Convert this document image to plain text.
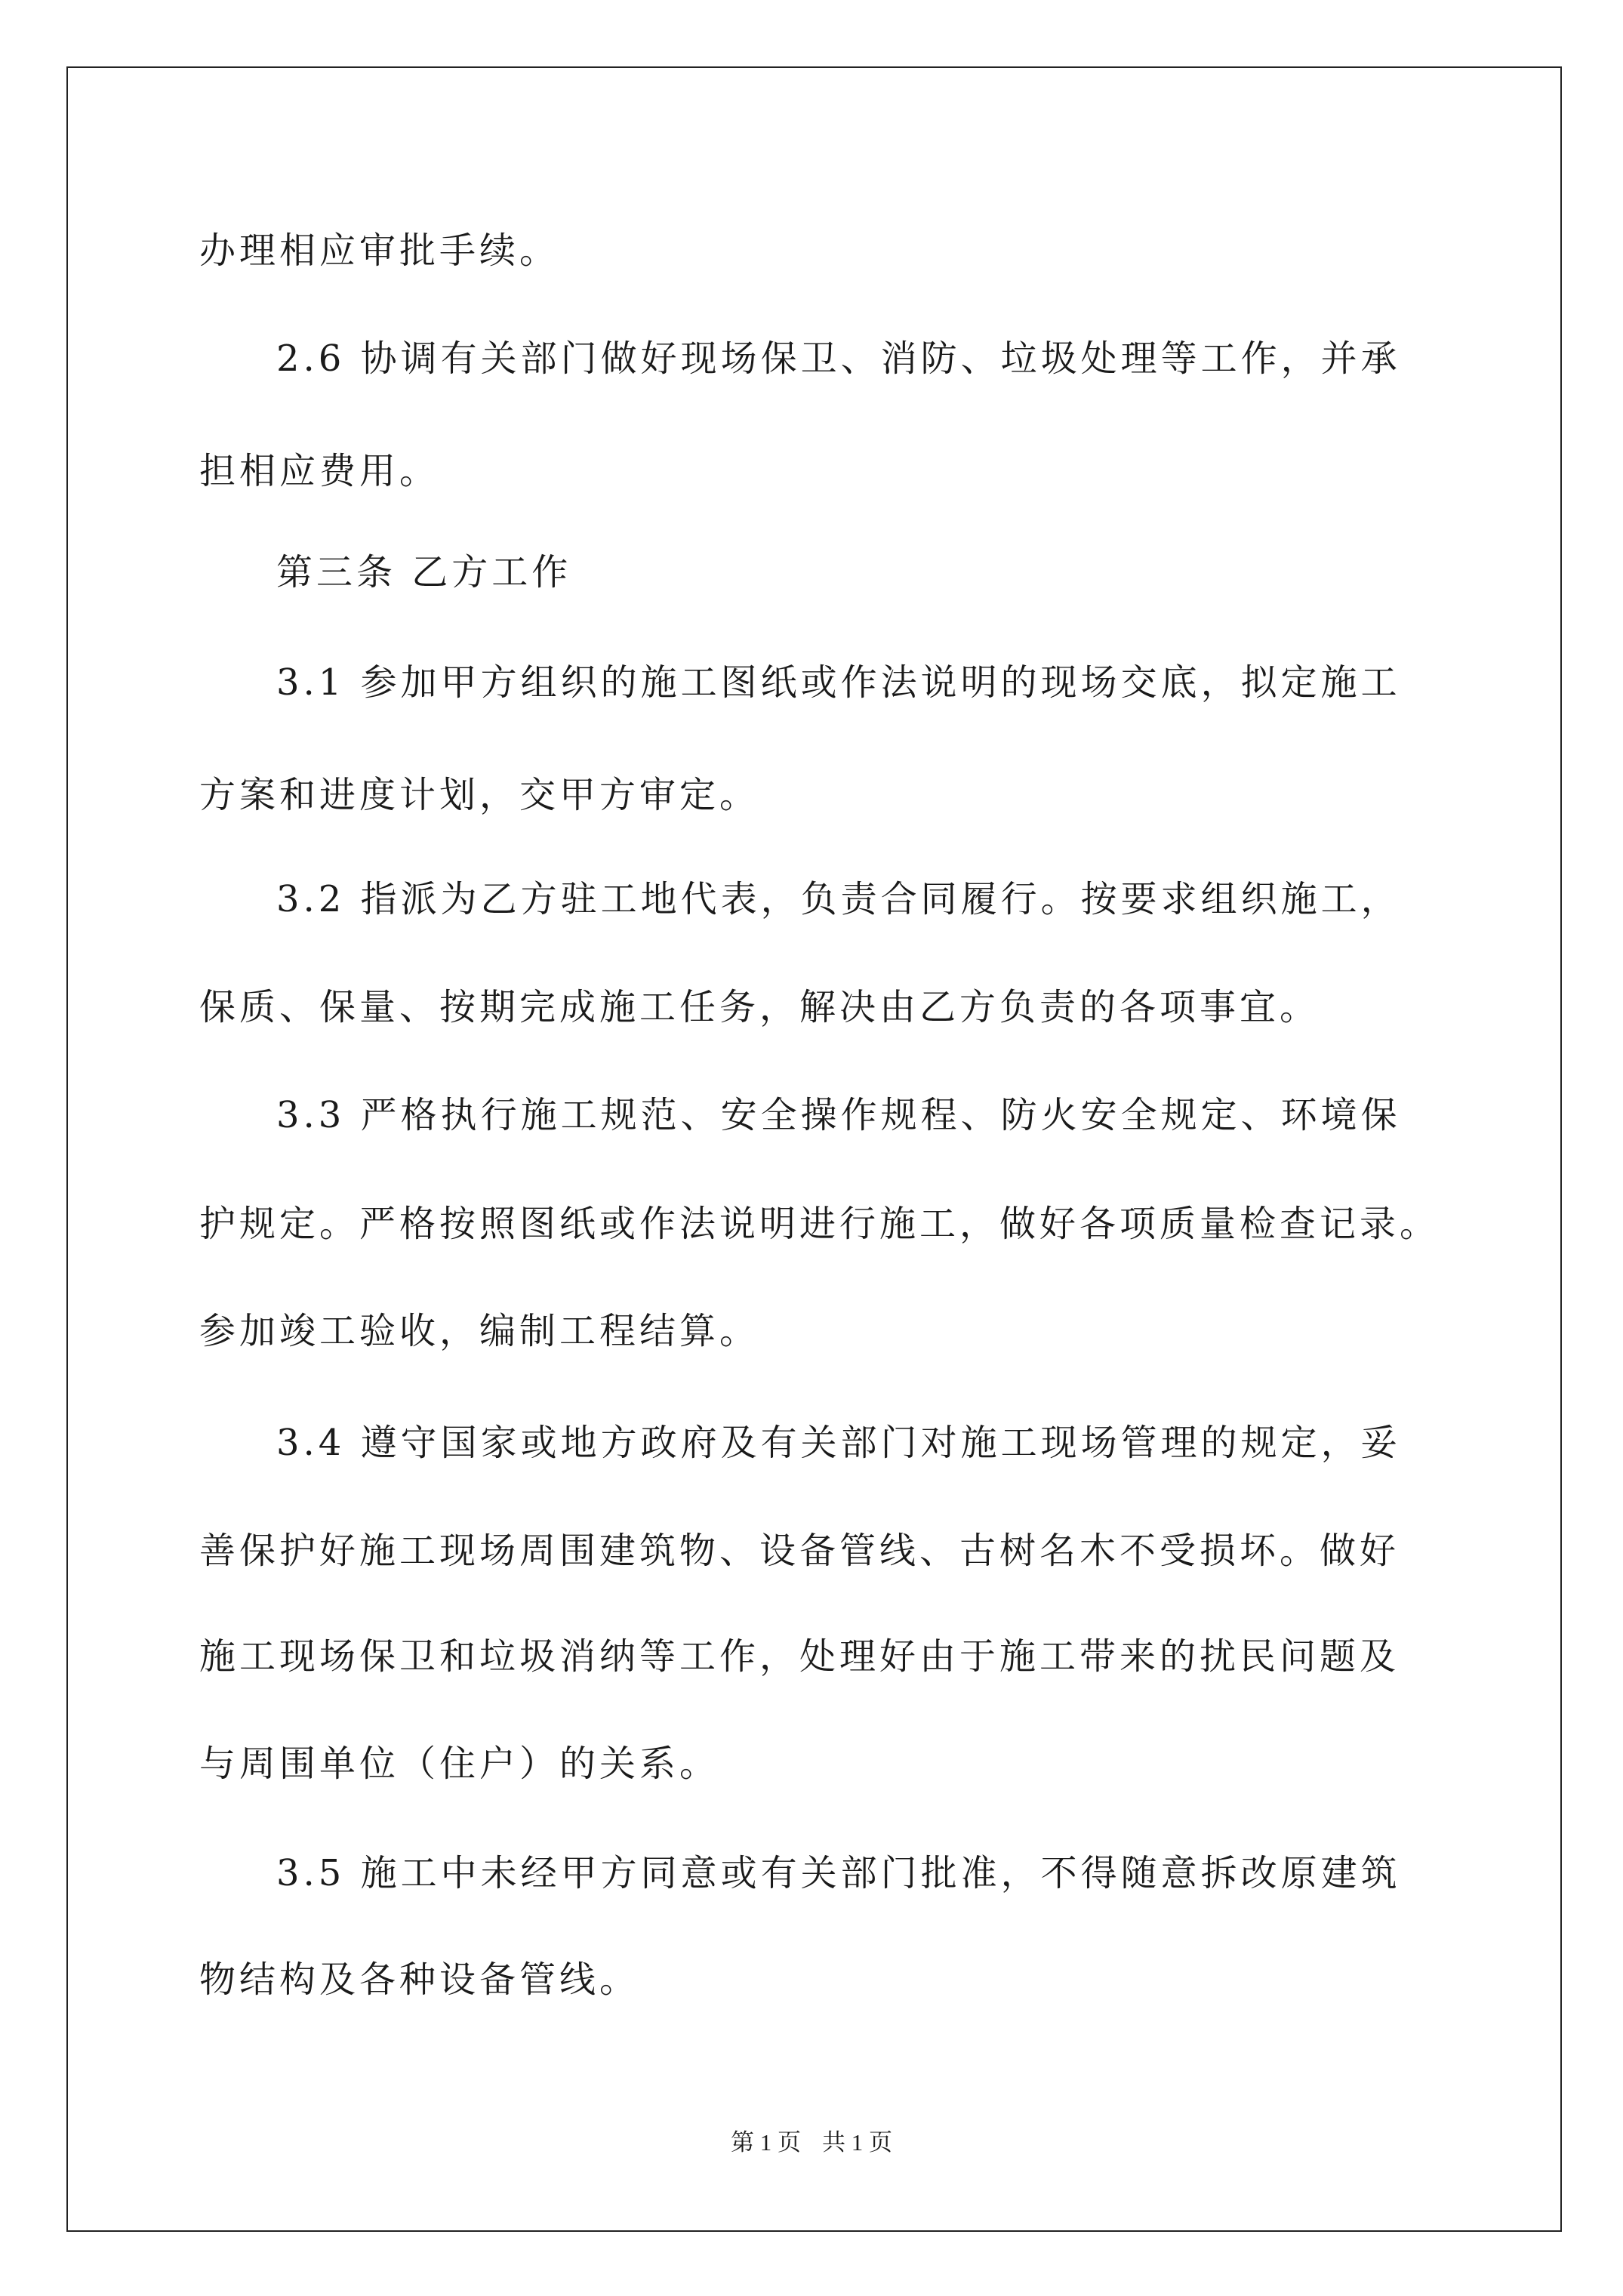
办理相应审批手续。
2.6 协调有关部门做好现场保卫、消防、垃圾处理等工作，并承
担相应费用。
第三条 乙方工作
3.1 参加甲方组织的施工图纸或作法说明的现场交底，拟定施工
方案和进度计划，交甲方审定。
3.2 指派为乙方驻工地代表，负责合同履行。按要求组织施工，
保质、保量、按期完成施工任务，解决由乙方负责的各项事宜。
3.3 严格执行施工规范、安全操作规程、防火安全规定、环境保
护规定。严格按照图纸或作法说明进行施工，做好各项质量检查记录。
参加竣工验收，编制工程结算。
3.4 遵守国家或地方政府及有关部门对施工现场管理的规定，妥
善保护好施工现场周围建筑物、设备管线、古树名木不受损坏。做好
施工现场保卫和垃圾消纳等工作，处理好由于施工带来的扰民问题及
与周围单位（住户）的关系。
3.5 施工中未经甲方同意或有关部门批准，不得随意拆改原建筑
物结构及各种设备管线。
第 1 页 共 1 页
